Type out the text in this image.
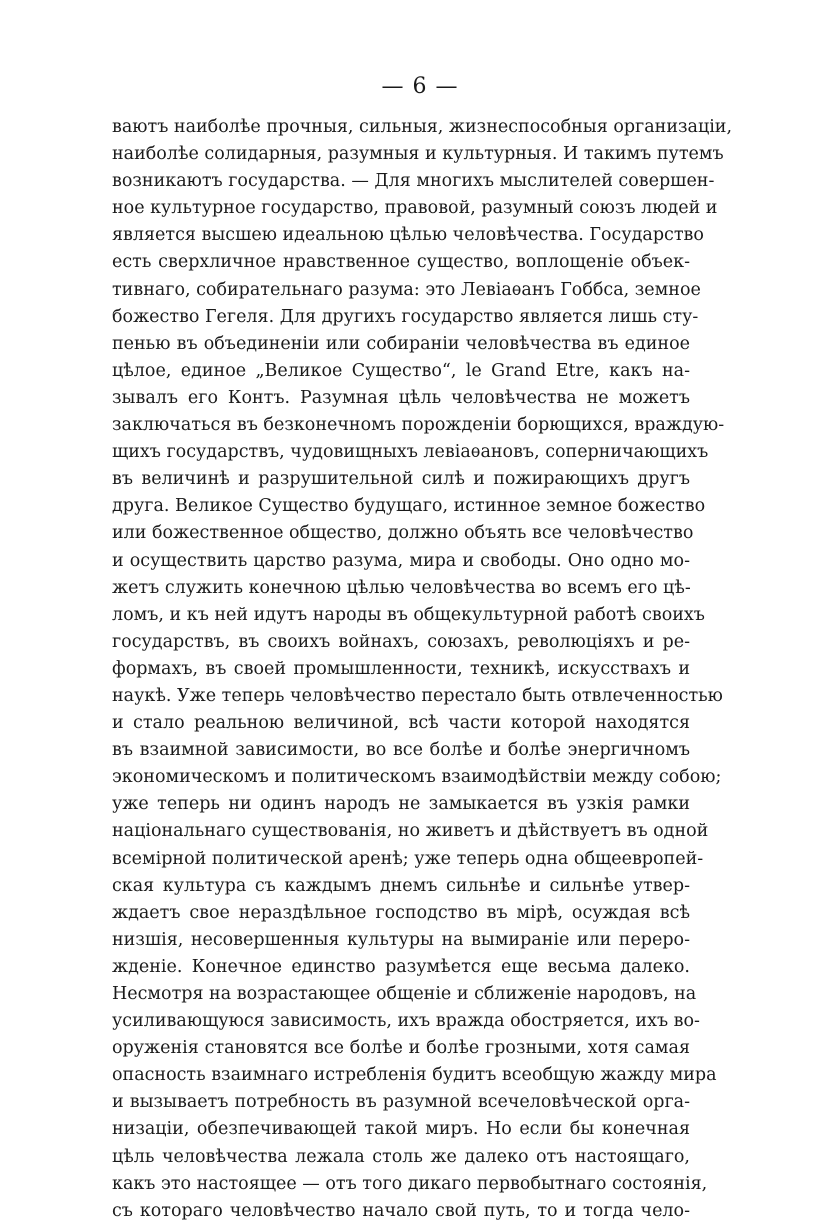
— 6 —
ваютъ наиболѣе прочныя, сильныя, жизнеспособныя организаціи,
наиболѣе солидарныя, разумныя и культурныя. И такимъ путемъ
возникаютъ государства. — Для многихъ мыслителей совершен-
ное культурное государство, правовой, разумный союзъ людей и
является высшею идеальною цѣлью человѣчества. Государство
есть сверхличное нравственное существо, воплощеніе объек-
тивнаго, собирательнаго разума: это Левіаѳанъ Гоббса, земное
божество Гегеля. Для другихъ государство является лишь сту-
пенью въ объединеніи или собираніи человѣчества въ единое
цѣлое, единое „Великое Существо“, le Grand Etre, какъ на-
зывалъ его Контъ. Разумная цѣль человѣчества не можетъ
заключаться въ безконечномъ порожденіи борющихся, враждую-
щихъ государствъ, чудовищныхъ левіаѳановъ, соперничающихъ
въ величинѣ и разрушительной силѣ и пожирающихъ другъ
друга. Великое Существо будущаго, истинное земное божество
или божественное общество, должно объять все человѣчество
и осуществить царство разума, мира и свободы. Оно одно мо-
жетъ служить конечною цѣлью человѣчества во всемъ его цѣ-
ломъ, и къ ней идутъ народы въ общекультурной работѣ своихъ
государствъ, въ своихъ войнахъ, союзахъ, революціяхъ и ре-
формахъ, въ своей промышленности, техникѣ, искусствахъ и
наукѣ. Уже теперь человѣчество перестало быть отвлеченностью
и стало реальною величиной, всѣ части которой находятся
въ взаимной зависимости, во все болѣе и болѣе энергичномъ
экономическомъ и политическомъ взаимодѣйствіи между собою;
уже теперь ни одинъ народъ не замыкается въ узкія рамки
національнаго существованія, но живетъ и дѣйствуетъ въ одной
всемірной политической аренѣ; уже теперь одна общеевропей-
ская культура съ каждымъ днемъ сильнѣе и сильнѣе утвер-
ждаетъ свое нераздѣльное господство въ мірѣ, осуждая всѣ
низшія, несовершенныя культуры на вымираніе или переро-
жденіе. Конечное единство разумѣется еще весьма далеко.
Несмотря на возрастающее общеніе и сближеніе народовъ, на
усиливающуюся зависимость, ихъ вражда обостряется, ихъ во-
оруженія становятся все болѣе и болѣе грозными, хотя самая
опасность взаимнаго истребленія будитъ всеобщую жажду мира
и вызываетъ потребность въ разумной всечеловѣческой орга-
низаціи, обезпечивающей такой миръ. Но если бы конечная
цѣль человѣчества лежала столь же далеко отъ настоящаго,
какъ это настоящее — отъ того дикаго первобытнаго состоянія,
съ котораго человѣчество начало свой путь, то и тогда чело-
